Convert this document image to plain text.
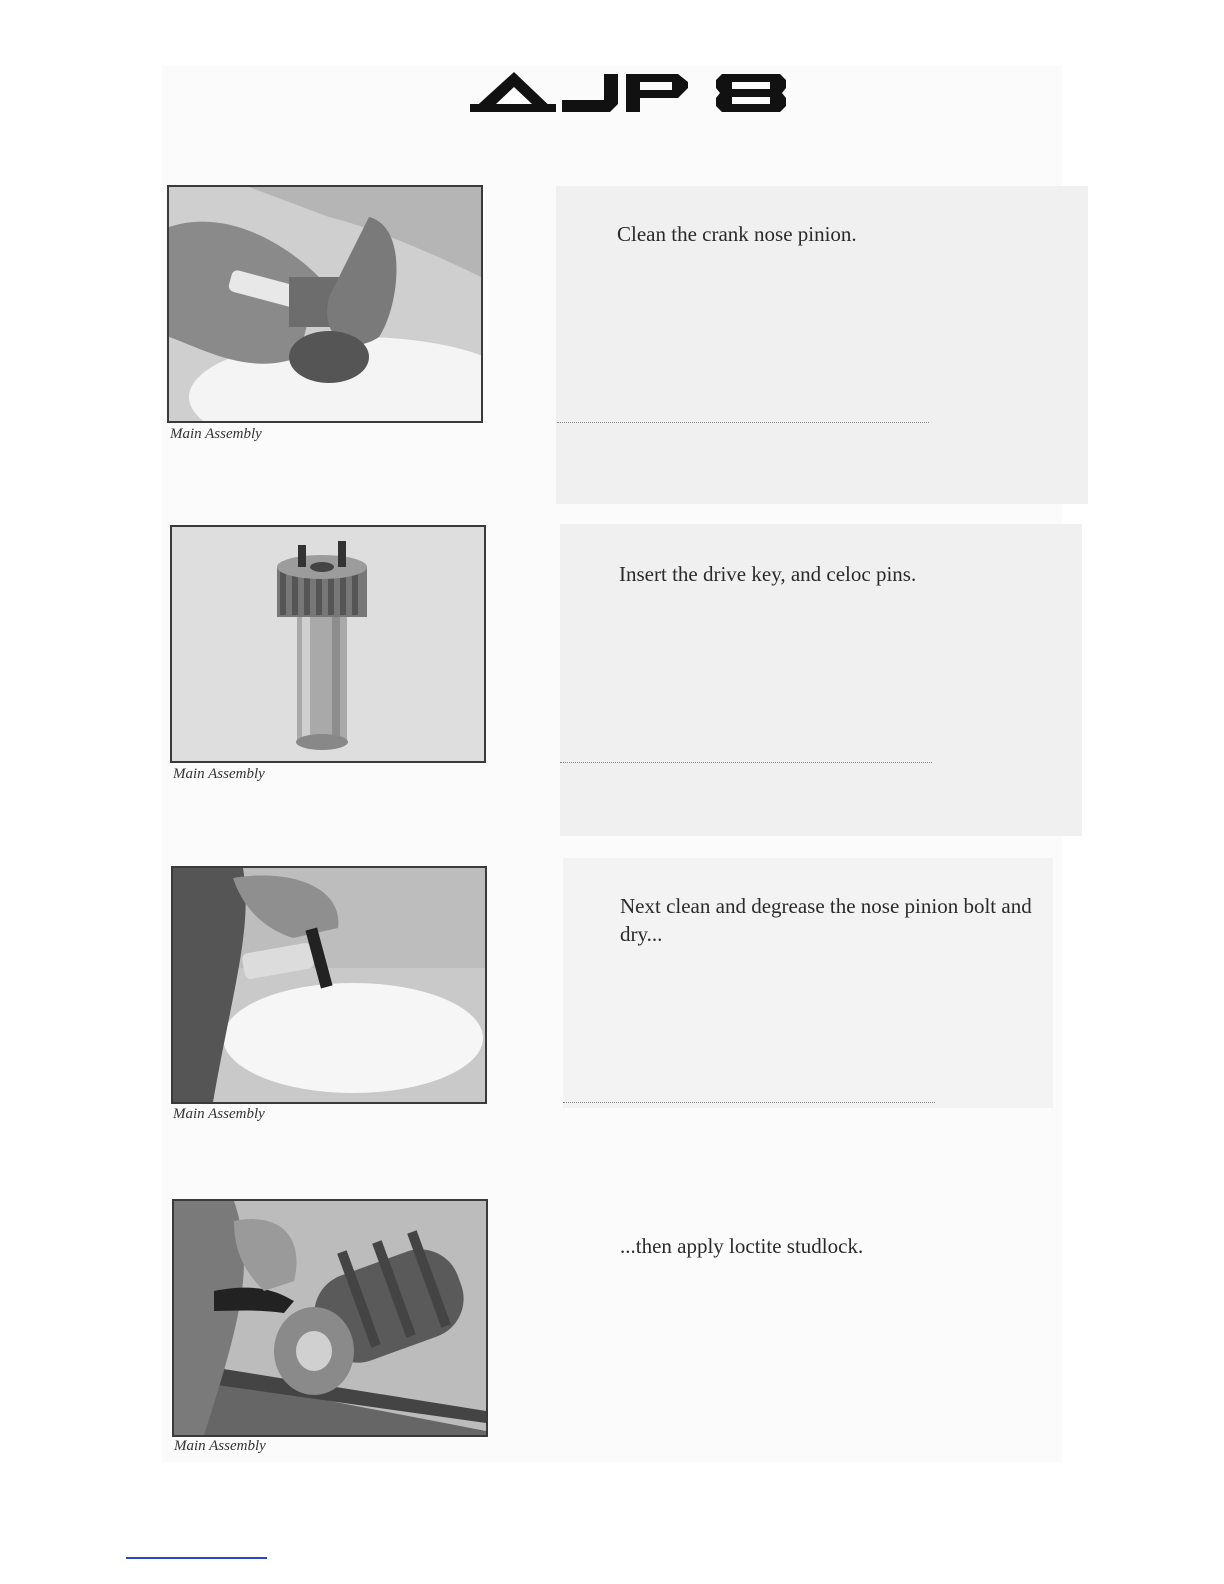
Main Assembly
Clean the crank nose pinion.
Main Assembly
Insert the drive key, and celoc pins.
Main Assembly
Next clean and degrease the nose pinion bolt and dry...
Main Assembly
...then apply loctite studlock.
